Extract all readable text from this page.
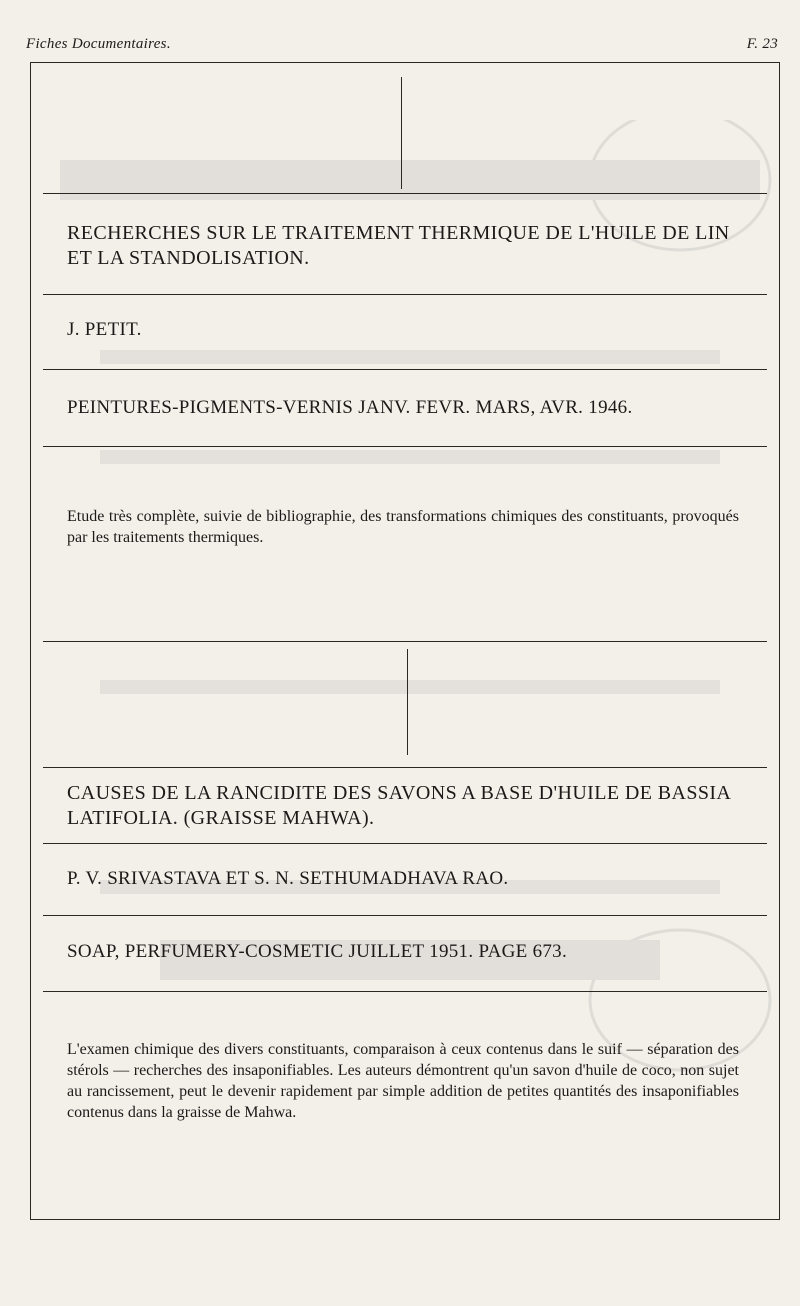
Fiches Documentaires.	F. 23
RECHERCHES SUR LE TRAITEMENT THERMIQUE DE L'HUILE DE LIN ET LA STANDOLISATION.
J. PETIT.
PEINTURES-PIGMENTS-VERNIS JANV. FEVR. MARS, AVR. 1946.
Etude très complète, suivie de bibliographie, des transformations chimiques des constituants, provoqués par les traitements thermiques.
CAUSES DE LA RANCIDITE DES SAVONS A BASE D'HUILE DE BASSIA LATIFOLIA. (GRAISSE MAHWA).
P. V. SRIVASTAVA ET S. N. SETHUMADHAVA RAO.
SOAP, PERFUMERY-COSMETIC JUILLET 1951. PAGE 673.
L'examen chimique des divers constituants, comparaison à ceux contenus dans le suif — séparation des stérols — recherches des insaponifiables. Les auteurs démontrent qu'un savon d'huile de coco, non sujet au rancissement, peut le devenir rapidement par simple addition de petites quantités des insaponifiables contenus dans la graisse de Mahwa.
